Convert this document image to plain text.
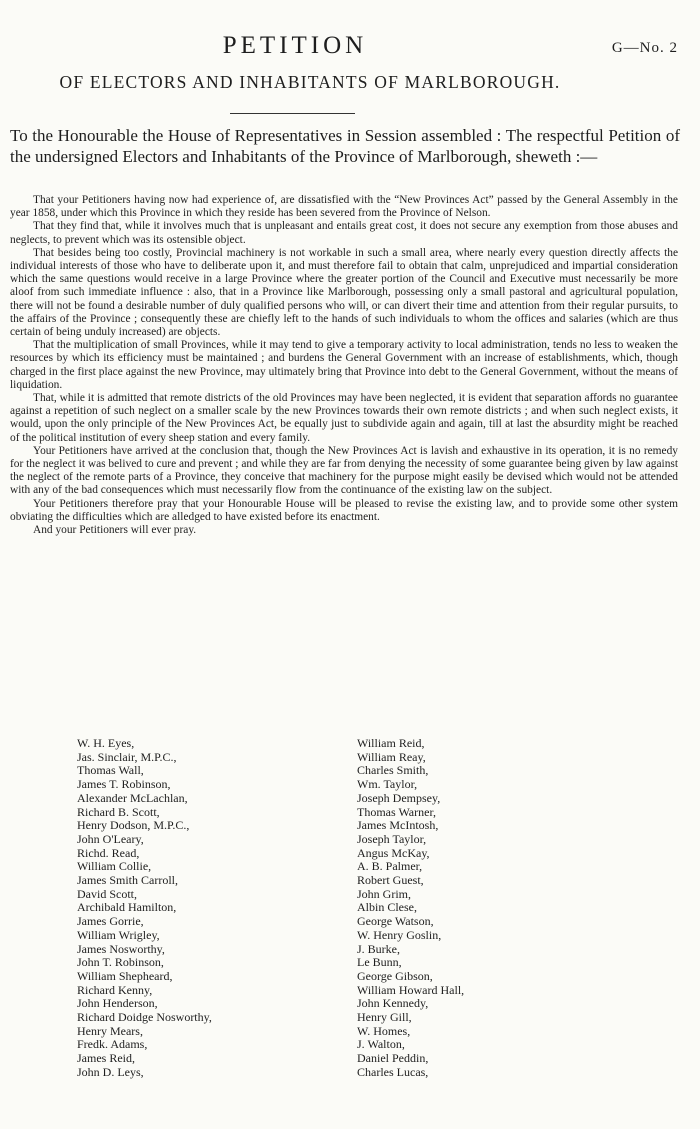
G—No. 2
PETITION
OF ELECTORS AND INHABITANTS OF MARLBOROUGH.

To the Honourable the House of Representatives in Session assembled : The respectful Petition of the undersigned Electors and Inhabitants of the Province of Marlborough, sheweth :—

That your Petitioners having now had experience of, are dissatisfied with the “New Provinces Act” passed by the General Assembly in the year 1858, under which this Province in which they reside has been severed from the Province of Nelson.

That they find that, while it involves much that is unpleasant and entails great cost, it does not secure any exemption from those abuses and neglects, to prevent which was its ostensible object.

That besides being too costly, Provincial machinery is not workable in such a small area, where nearly every question directly affects the individual interests of those who have to deliberate upon it, and must therefore fail to obtain that calm, unprejudiced and impartial consideration which the same questions would receive in a large Province where the greater portion of the Council and Executive must necessarily be more aloof from such immediate influence : also, that in a Province like Marlborough, possessing only a small pastoral and agricultural population, there will not be found a desirable number of duly qualified persons who will, or can divert their time and attention from their regular pursuits, to the affairs of the Province ; consequently these are chiefly left to the hands of such individuals to whom the offices and salaries (which are thus certain of being unduly increased) are objects.

That the multiplication of small Provinces, while it may tend to give a temporary activity to local administration, tends no less to weaken the resources by which its efficiency must be maintained ; and burdens the General Government with an increase of establishments, which, though charged in the first place against the new Province, may ultimately bring that Province into debt to the General Government, without the means of liquidation.

That, while it is admitted that remote districts of the old Provinces may have been neglected, it is evident that separation affords no guarantee against a repetition of such neglect on a smaller scale by the new Provinces towards their own remote districts ; and when such neglect exists, it would, upon the only principle of the New Provinces Act, be equally just to subdivide again and again, till at last the absurdity might be reached of the political institution of every sheep station and every family.

Your Petitioners have arrived at the conclusion that, though the New Provinces Act is lavish and exhaustive in its operation, it is no remedy for the neglect it was belived to cure and prevent ; and while they are far from denying the necessity of some guarantee being given by law against the neglect of the remote parts of a Province, they conceive that machinery for the purpose might easily be devised which would not be attended with any of the bad consequences which must necessarily flow from the continuance of the existing law on the subject.

Your Petitioners therefore pray that your Honourable House will be pleased to revise the existing law, and to provide some other system obviating the difficulties which are alledged to have existed before its enactment.

And your Petitioners will ever pray.

W. H. Eyes,
Jas. Sinclair, M.P.C.,
Thomas Wall,
James T. Robinson,
Alexander McLachlan,
Richard B. Scott,
Henry Dodson, M.P.C.,
John O'Leary,
Richd. Read,
William Collie,
James Smith Carroll,
David Scott,
Archibald Hamilton,
James Gorrie,
William Wrigley,
James Nosworthy,
John T. Robinson,
William Shepheard,
Richard Kenny,
John Henderson,
Richard Doidge Nosworthy,
Henry Mears,
Fredk. Adams,
James Reid,
John D. Leys,
William Reid,
William Reay,
Charles Smith,
Wm. Taylor,
Joseph Dempsey,
Thomas Warner,
James McIntosh,
Joseph Taylor,
Angus McKay,
A. B. Palmer,
Robert Guest,
John Grim,
Albin Clese,
George Watson,
W. Henry Goslin,
J. Burke,
Le Bunn,
George Gibson,
William Howard Hall,
John Kennedy,
Henry Gill,
W. Homes,
J. Walton,
Daniel Peddin,
Charles Lucas,
